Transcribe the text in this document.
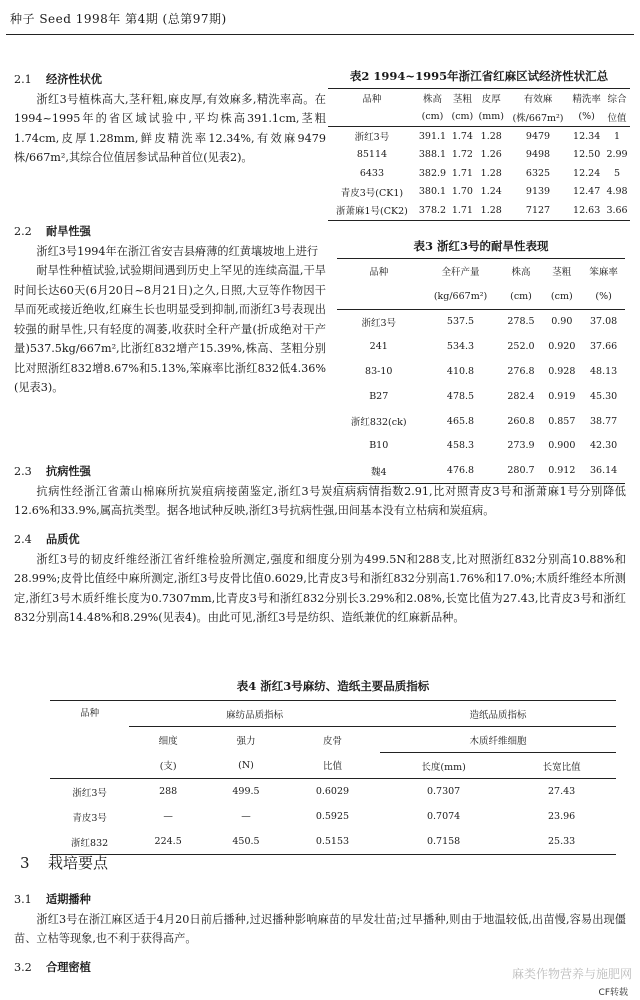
种子 Seed 1998年 第4期 (总第97期)
2.1 经济性状优
浙红3号植株高大,茎秆粗,麻皮厚,有效麻多,精洗率高。在1994~1995年的省区域试验中,平均株高391.1cm,茎粗1.74cm,皮厚1.28mm,鲜皮精洗率12.34%,有效麻9479株/667m²,其综合位值居参试品种首位(见表2)。
2.2 耐旱性强
浙红3号1994年在浙江省安吉县瘠薄的红黄壤坡地上进行
耐旱性种植试验,试验期间遇到历史上罕见的连续高温,干旱时间长达60天(6月20日~8月21日)之久,日照,大豆等作物因干旱而死或接近绝收,红麻生长也明显受到抑制,而浙红3号表现出较强的耐旱性,只有轻度的凋萎,收获时全秆产量(折成绝对干产量)537.5kg/667m²,比浙红832增产15.39%,株高、茎粗分别比对照浙红832增8.67%和5.13%,笨麻率比浙红832低4.36%(见表3)。
表2 1994~1995年浙江省红麻区试经济性状汇总
品种	株高	茎粗	皮厚	有效麻	精洗率	综合
	(cm)	(cm)	(mm)	(株/667m²)	(%)	位值
浙红3号	391.1	1.74	1.28	9479	12.34	1
85114	388.1	1.72	1.26	9498	12.50	2.99
6433	382.9	1.71	1.28	6325	12.24	5
青皮3号(CK1)	380.1	1.70	1.24	9139	12.47	4.98
浙萧麻1号(CK2)	378.2	1.71	1.28	7127	12.63	3.66
表3 浙红3号的耐旱性表现
品种	全秆产量	株高	茎粗	笨麻率
	(kg/667m²)	(cm)	(cm)	(%)
浙红3号	537.5	278.5	0.90	37.08
241	534.3	252.0	0.920	37.66
83-10	410.8	276.8	0.928	48.13
B27	478.5	282.4	0.919	45.30
浙红832(ck)	465.8	260.8	0.857	38.77
B10	458.3	273.9	0.900	42.30
魏4	476.8	280.7	0.912	36.14
2.3 抗病性强
抗病性经浙江省萧山棉麻所抗炭疽病接菌鉴定,浙红3号炭疽病病情指数2.91,比对照青皮3号和浙萧麻1号分别降低12.6%和33.9%,属高抗类型。据各地试种反映,浙红3号抗病性强,田间基本没有立枯病和炭疽病。
2.4 品质优
浙红3号的韧皮纤维经浙江省纤维检验所测定,强度和细度分别为499.5N和288支,比对照浙红832分别高10.88%和28.99%;皮骨比值经中麻所测定,浙红3号皮骨比值0.6029,比青皮3号和浙红832分别高1.76%和17.0%;木质纤维经本所测定,浙红3号木质纤维长度为0.7307mm,比青皮3号和浙红832分别长3.29%和2.08%,长宽比值为27.43,比青皮3号和浙红832分别高14.48%和8.29%(见表4)。由此可见,浙红3号是纺织、造纸兼优的红麻新品种。
表4 浙红3号麻纺、造纸主要品质指标
品种	麻纺品质指标			造纸品质指标	
	细度	强力	皮骨	木质纤维细胞	
	(支)	(N)	比值	长度(mm)	长宽比值
浙红3号	288	499.5	0.6029	0.7307	27.43
青皮3号	—	—	0.5925	0.7074	23.96
浙红832	224.5	450.5	0.5153	0.7158	25.33
3 栽培要点
3.1 适期播种
浙红3号在浙江麻区适于4月20日前后播种,过迟播种影响麻苗的早发壮苗;过早播种,则由于地温较低,出苗慢,容易出现僵苗、立枯等现象,也不利于获得高产。
3.2 合理密植	麻类作物营养与施肥网
CF转载
